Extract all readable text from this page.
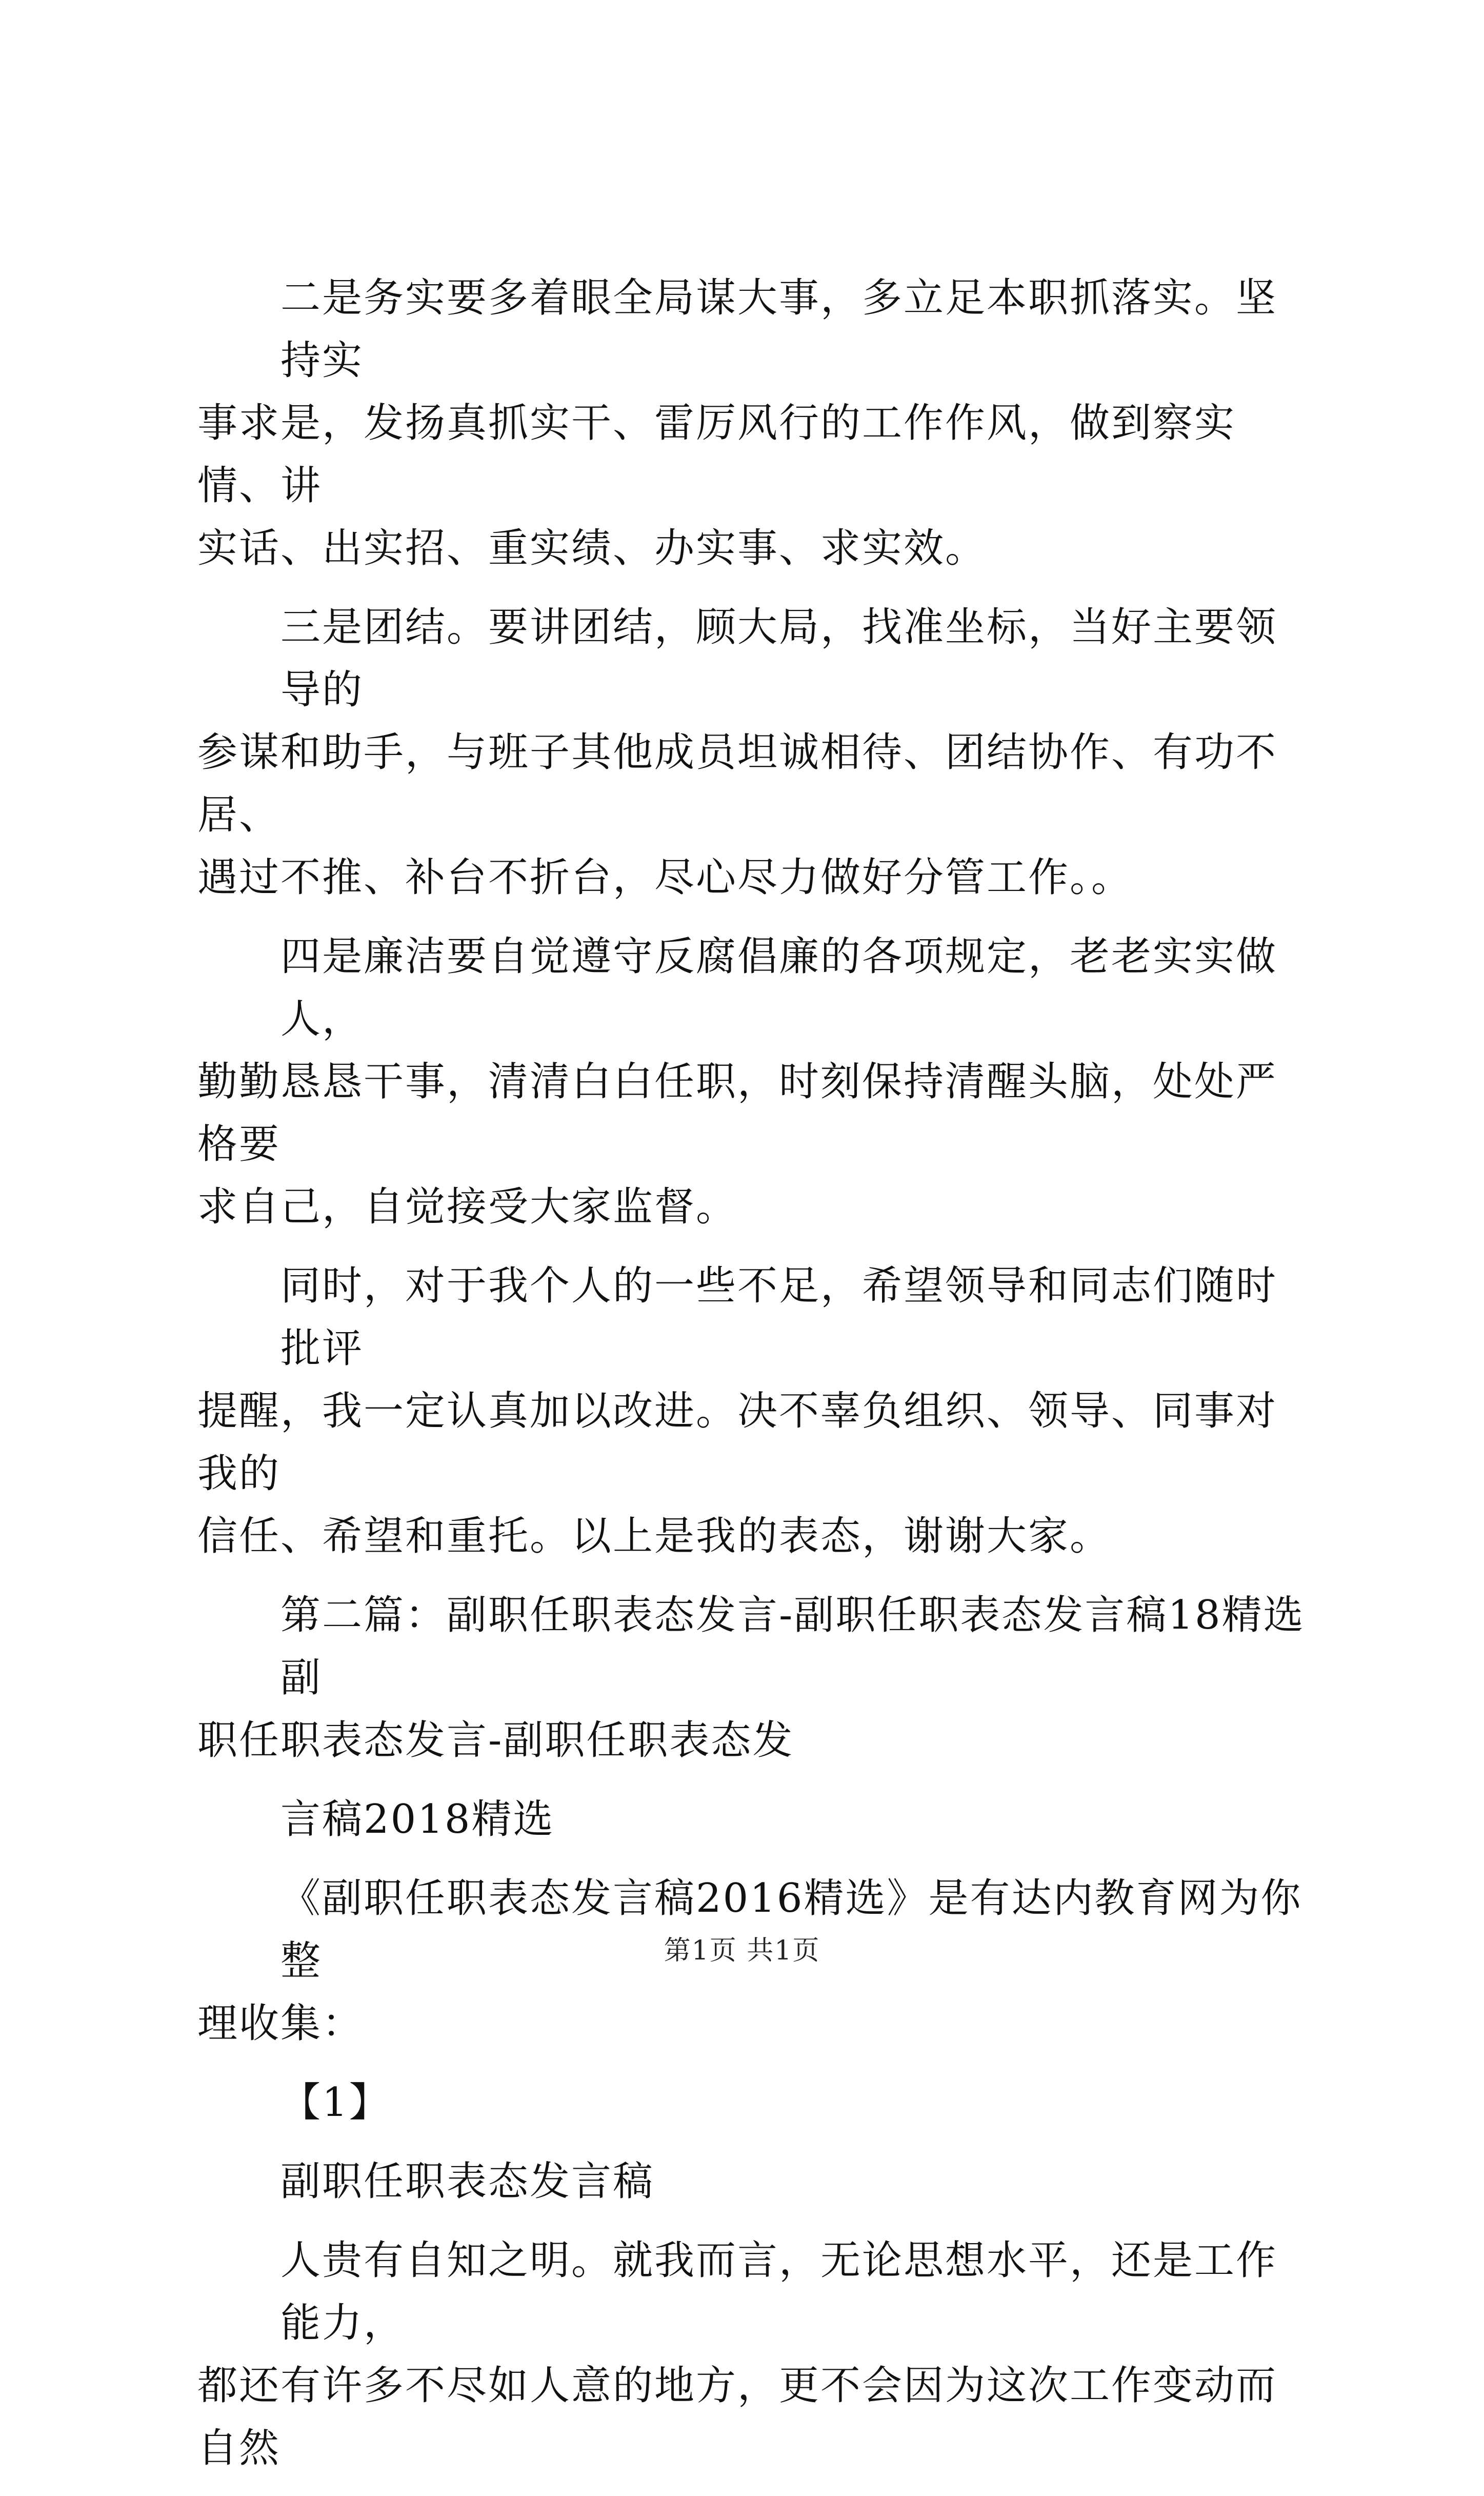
二是务实要多着眼全局谋大事，多立足本职抓落实。坚持实
事求是，发扬真抓实干、雷厉风行的工作作风，做到察实情、讲
实话、出实招、重实绩、办实事、求实效。

三是团结。要讲团结，顾大局，找准坐标，当好主要领导的
参谋和助手，与班子其他成员坦诚相待、团结协作、有功不居、
遇过不推、补台不折台，尽心尽力做好分管工作。。

四是廉洁要自觉遵守反腐倡廉的各项规定，老老实实做人，
勤勤恳恳干事，清清白白任职，时刻保持清醒头脑，处处严格要
求自己，自觉接受大家监督。

同时，对于我个人的一些不足，希望领导和同志们随时批评
提醒，我一定认真加以改进。决不辜负组织、领导、同事对我的
信任、希望和重托。以上是我的表态，谢谢大家。

第二篇：副职任职表态发言-副职任职表态发言稿18精选副
职任职表态发言-副职任职表态发

言稿2018精选

《副职任职表态发言稿2016精选》是有达内教育网为你整
理收集：

【1】

副职任职表态发言稿

人贵有自知之明。就我而言，无论思想水平，还是工作能力，
都还有许多不尽如人意的地方，更不会因为这次工作变动而自然

第1页 共1页
